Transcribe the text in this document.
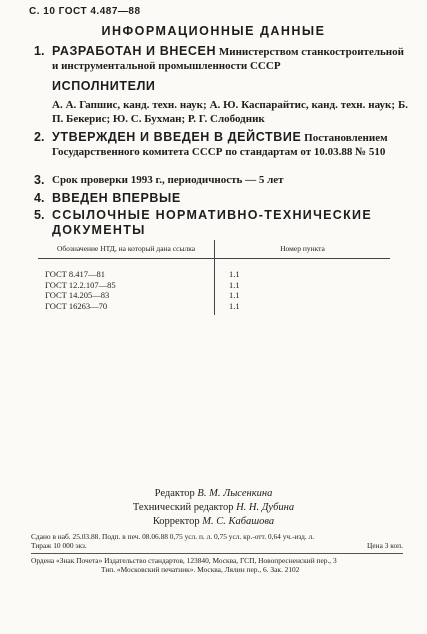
С. 10 ГОСТ 4.487—88
ИНФОРМАЦИОННЫЕ ДАННЫЕ
1. РАЗРАБОТАН И ВНЕСЕН Министерством станкостроительной и инструментальной промышленности СССР
ИСПОЛНИТЕЛИ
А. А. Гапшис, канд. техн. наук; А. Ю. Каспарайтис, канд. техн. наук; Б. П. Бекерис; Ю. С. Бухман; Р. Г. Слободник
2. УТВЕРЖДЕН И ВВЕДЕН В ДЕЙСТВИЕ Постановлением Государственного комитета СССР по стандартам от 10.03.88 № 510
3. Срок проверки 1993 г., периодичность — 5 лет
4. ВВЕДЕН ВПЕРВЫЕ
5. ССЫЛОЧНЫЕ НОРМАТИВНО-ТЕХНИЧЕСКИЕ ДОКУМЕНТЫ
Обозначение НТД, на который дана ссылка	Номер пункта
ГОСТ 8.417—81	1.1
ГОСТ 12.2.107—85	1.1
ГОСТ 14.205—83	1.1
ГОСТ 16263—70	1.1
Редактор В. М. Лысенкина
Технический редактор Н. Н. Дубина
Корректор М. С. Кабашова
Сдано в наб. 25.03.88. Подп. в печ. 08.06.88 0,75 усл. п. л. 0,75 усл. кр.-отт. 0,64 уч.-изд. л.
Тираж 10 000 экз.	Цена 3 коп.
Ордена «Знак Почета» Издательство стандартов, 123840, Москва, ГСП, Новопресненский пер., 3
Тип. «Московский печатник». Москва, Лялин пер., 6. Зак. 2102
